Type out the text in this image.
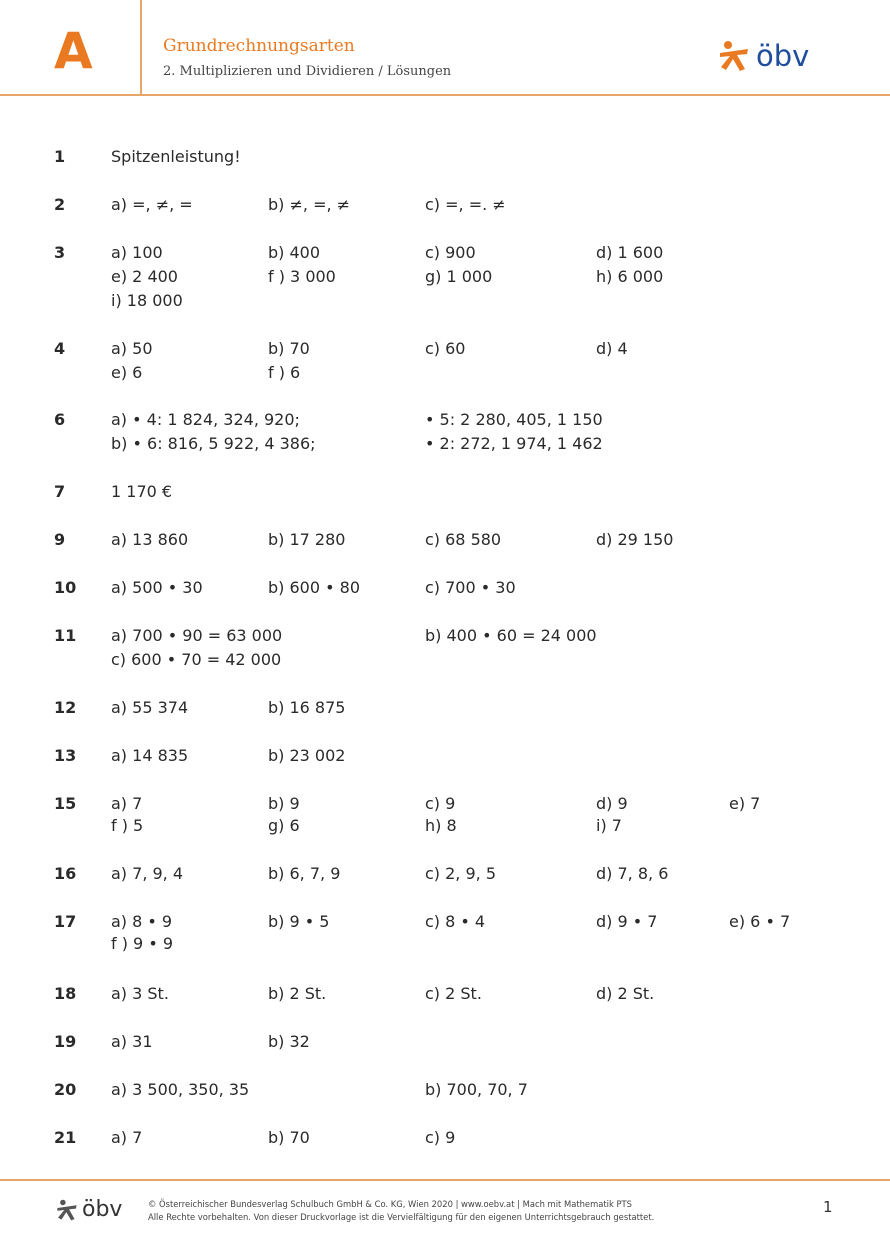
A	Grundrechnungsarten
2. Multiplizieren und Dividieren / Lösungen	öbv
1	Spitzenleistung!
2	a) =, ≠, =	b) ≠, =, ≠	c) =, =. ≠
3	a) 100	b) 400	c) 900	d) 1 600
e) 2 400	f ) 3 000	g) 1 000	h) 6 000
i) 18 000
4	a) 50	b) 70	c) 60	d) 4
e) 6	f ) 6
6	a) • 4: 1 824, 324, 920;	• 5: 2 280, 405, 1 150
b) • 6: 816, 5 922, 4 386;	• 2: 272, 1 974, 1 462
7	1 170 €
9	a) 13 860	b) 17 280	c) 68 580	d) 29 150
10	a) 500 • 30	b) 600 • 80	c) 700 • 30
11	a) 700 • 90 = 63 000	b) 400 • 60 = 24 000
c) 600 • 70 = 42 000
12	a) 55 374	b) 16 875
13	a) 14 835	b) 23 002
15	a) 7	b) 9	c) 9	d) 9	e) 7
f ) 5	g) 6	h) 8	i) 7
16	a) 7, 9, 4	b) 6, 7, 9	c) 2, 9, 5	d) 7, 8, 6
17	a) 8 • 9	b) 9 • 5	c) 8 • 4	d) 9 • 7	e) 6 • 7
f ) 9 • 9
18	a) 3 St.	b) 2 St.	c) 2 St.	d) 2 St.
19	a) 31	b) 32
20	a) 3 500, 350, 35	b) 700, 70, 7
21	a) 7	b) 70	c) 9
öbv	© Österreichischer Bundesverlag Schulbuch GmbH & Co. KG, Wien 2020 | www.oebv.at | Mach mit Mathematik PTS
Alle Rechte vorbehalten. Von dieser Druckvorlage ist die Vervielfältigung für den eigenen Unterrichtsgebrauch gestattet.
1
